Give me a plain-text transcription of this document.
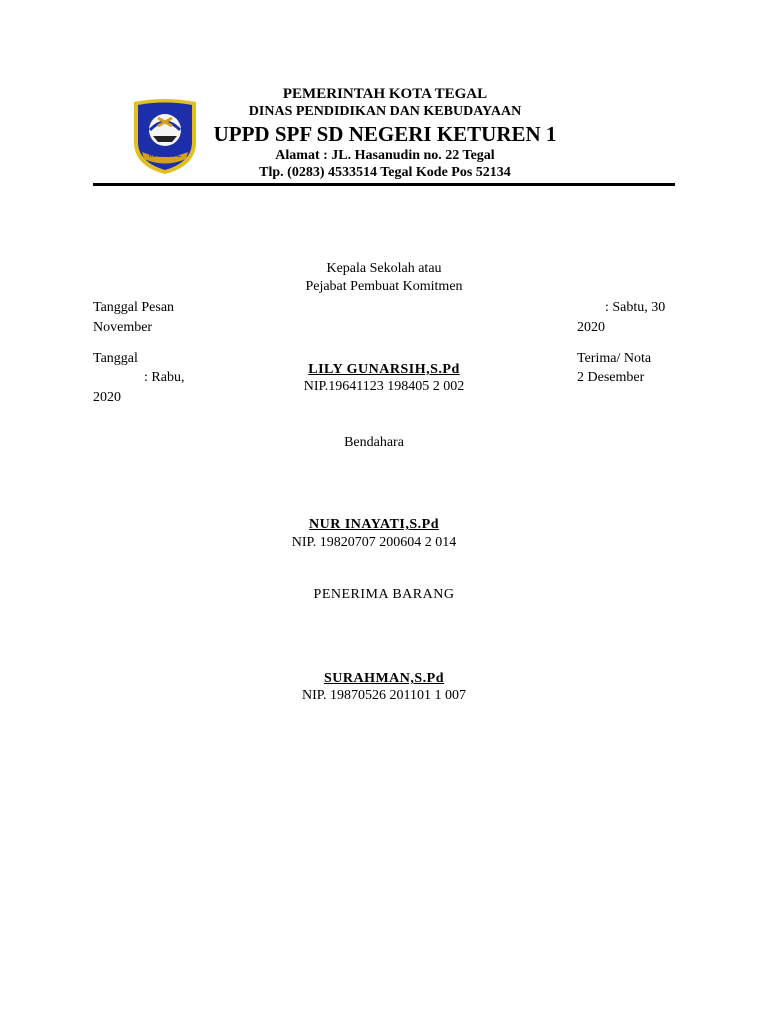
KOTA TEGAL
PEMERINTAH KOTA TEGAL
DINAS PENDIDIKAN DAN KEBUDAYAAN
UPPD SPF SD NEGERI KETUREN 1
Alamat : JL. Hasanudin no. 22 Tegal
Tlp. (0283) 4533514 Tegal Kode Pos 52134
Kepala Sekolah atau
Pejabat Pembuat Komitmen
Tanggal Pesan
November
: Sabtu, 30
2020
Tanggal
: Rabu,
2020
Terima/ Nota
2 Desember
LILY GUNARSIH,S.Pd
NIP.19641123 198405 2 002
Bendahara
NUR INAYATI,S.Pd
NIP. 19820707 200604 2 014
PENERIMA BARANG
SURAHMAN,S.Pd
NIP. 19870526 201101 1 007
